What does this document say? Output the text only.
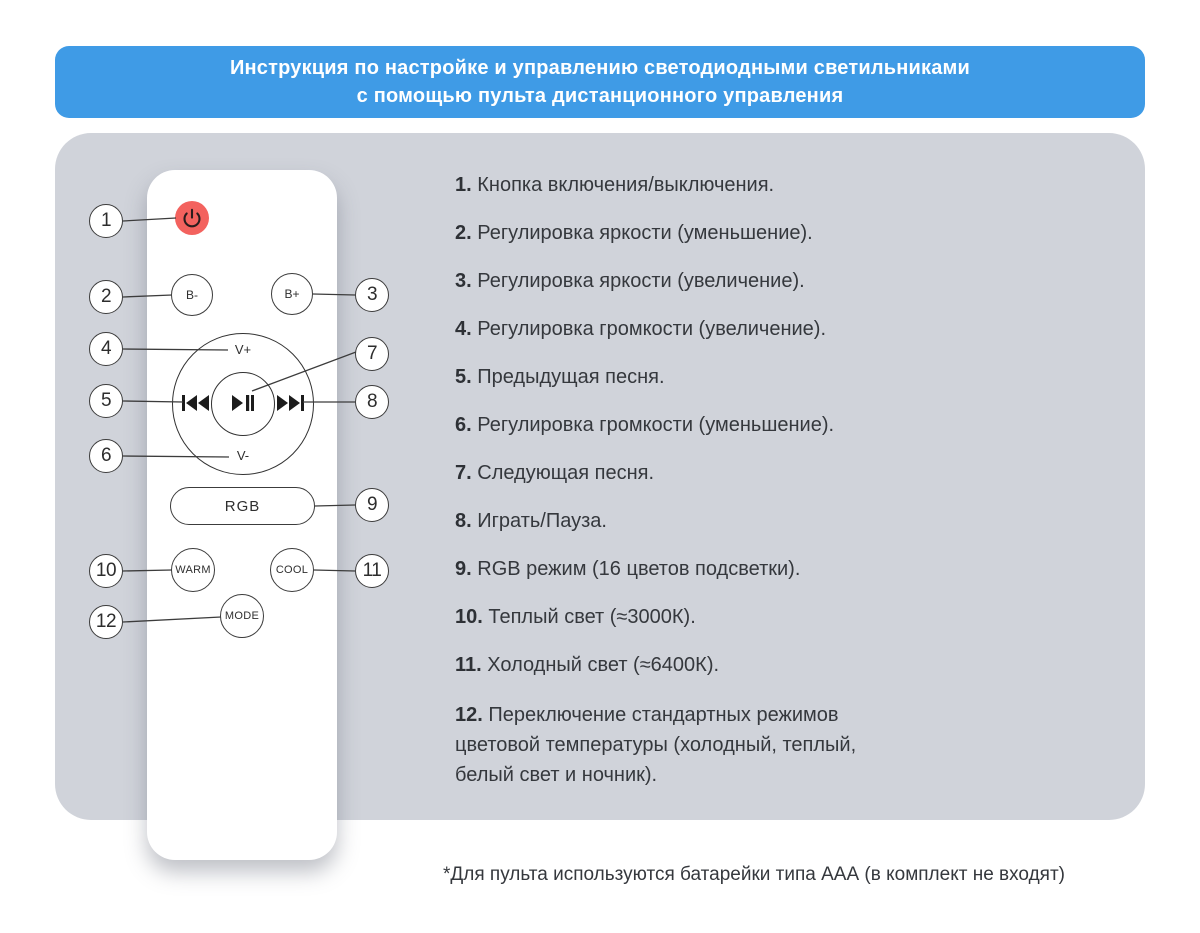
Инструкция по настройке и управлению светодиодными светильниками
с помощью пульта дистанционного управления
B-	B+
V+
V-
RGB
WARM	COOL
MODE
1
2	3
4
5
6
7
8
9
10	11
12

1. Кнопка включения/выключения.

2. Регулировка яркости (уменьшение).

3. Регулировка яркости (увеличение).

4. Регулировка громкости (увеличение).

5. Предыдущая песня.

6. Регулировка громкости (уменьшение).

7. Следующая песня.

8. Играть/Пауза.

9. RGB режим (16 цветов подсветки).

10. Теплый свет (≈3000К).

11. Холодный свет (≈6400К).

12. Переключение стандартных режимов цветовой температуры (холодный, теплый, белый свет и ночник).

*Для пульта используются батарейки типа ААА (в комплект не входят)
